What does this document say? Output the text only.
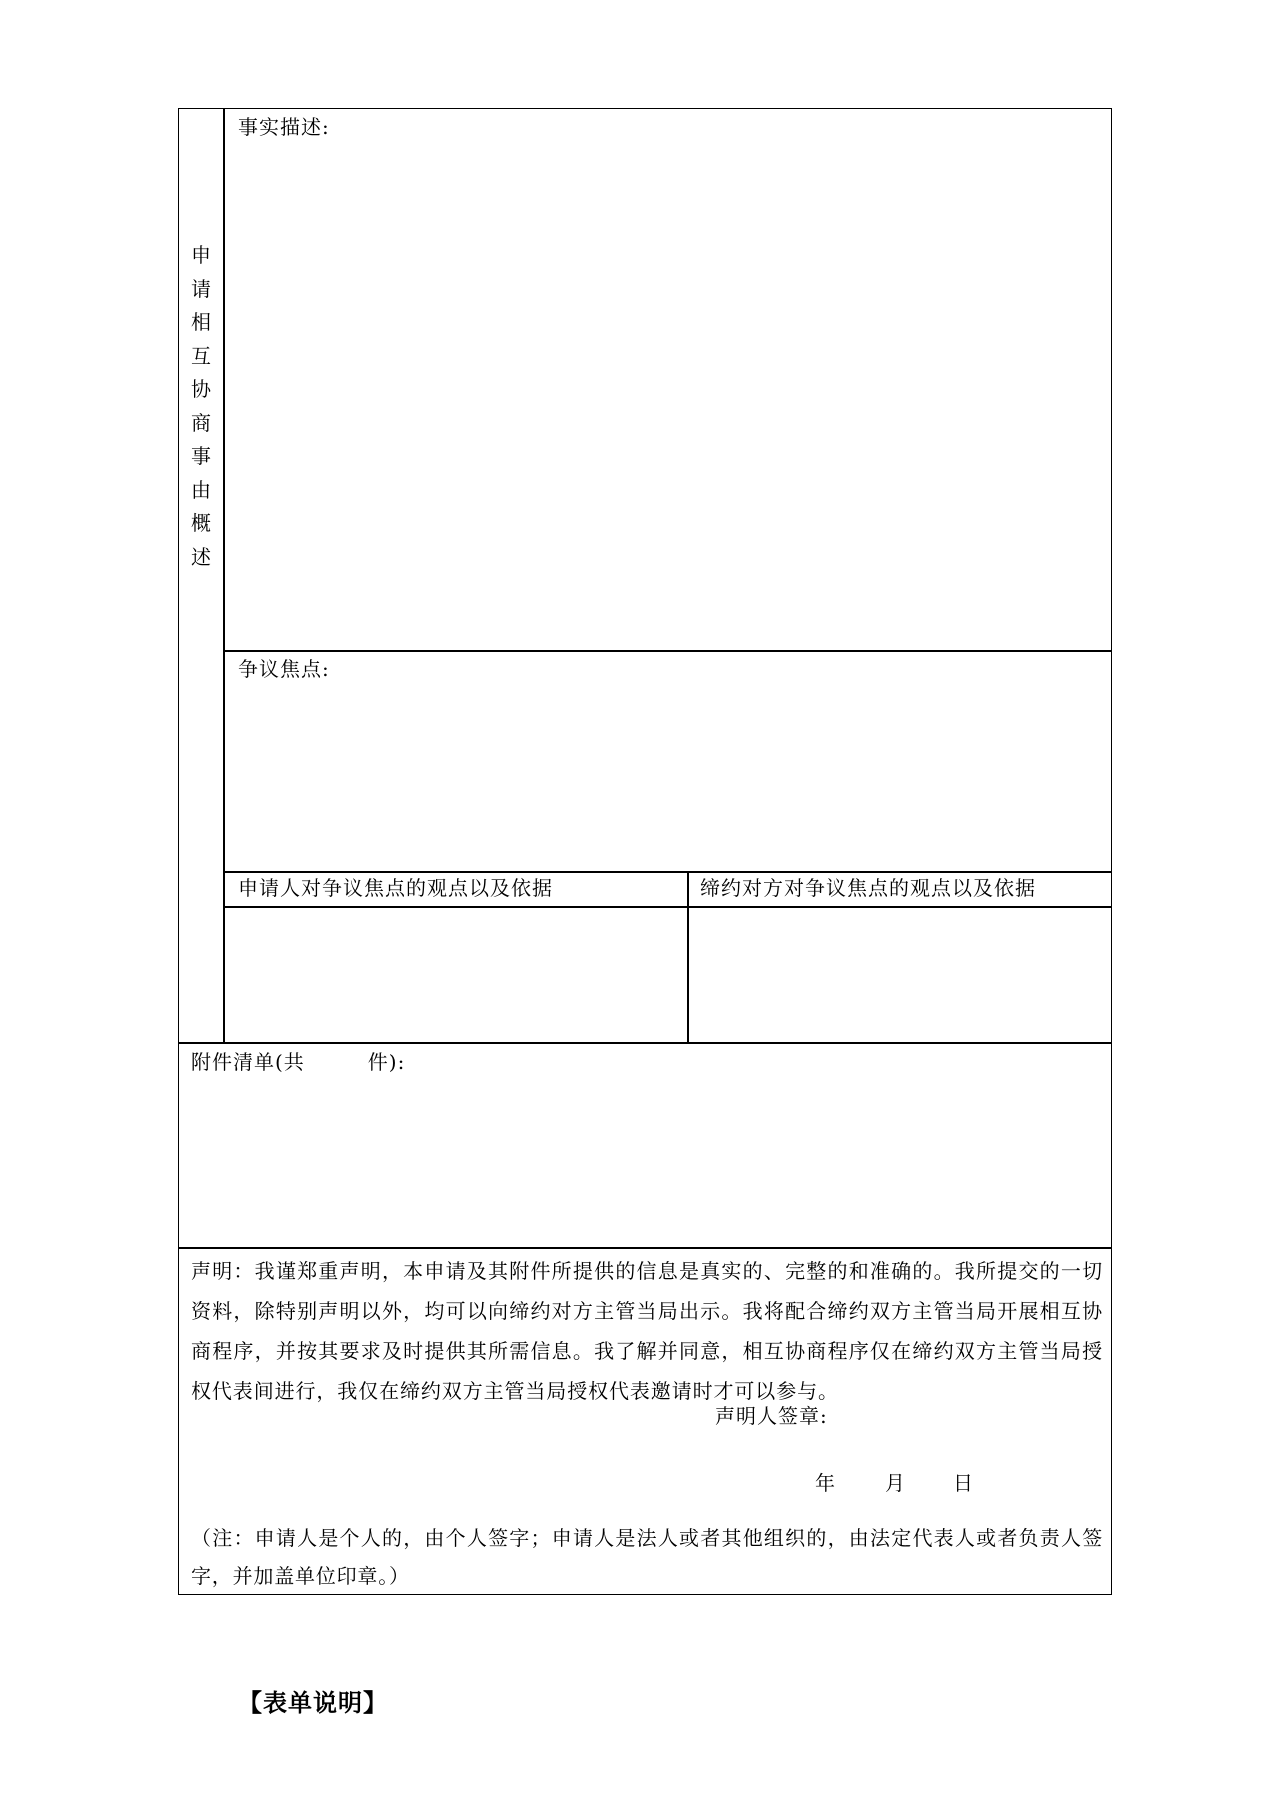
申
请
相
互
协
商
事
由
概
述
事实描述:
争议焦点:
申请人对争议焦点的观点以及依据	缔约对方对争议焦点的观点以及依据
附件清单(共　　　件):
声明：我谨郑重声明，本申请及其附件所提供的信息是真实的、完整的和准确的。我所提交的一切资料，除特别声明以外，均可以向缔约对方主管当局出示。我将配合缔约双方主管当局开展相互协商程序，并按其要求及时提供其所需信息。我了解并同意，相互协商程序仅在缔约双方主管当局授权代表间进行，我仅在缔约双方主管当局授权代表邀请时才可以参与。
声明人签章:
年 月 日
（注：申请人是个人的，由个人签字；申请人是法人或者其他组织的，由法定代表人或者负责人签字，并加盖单位印章。）
【表单说明】
